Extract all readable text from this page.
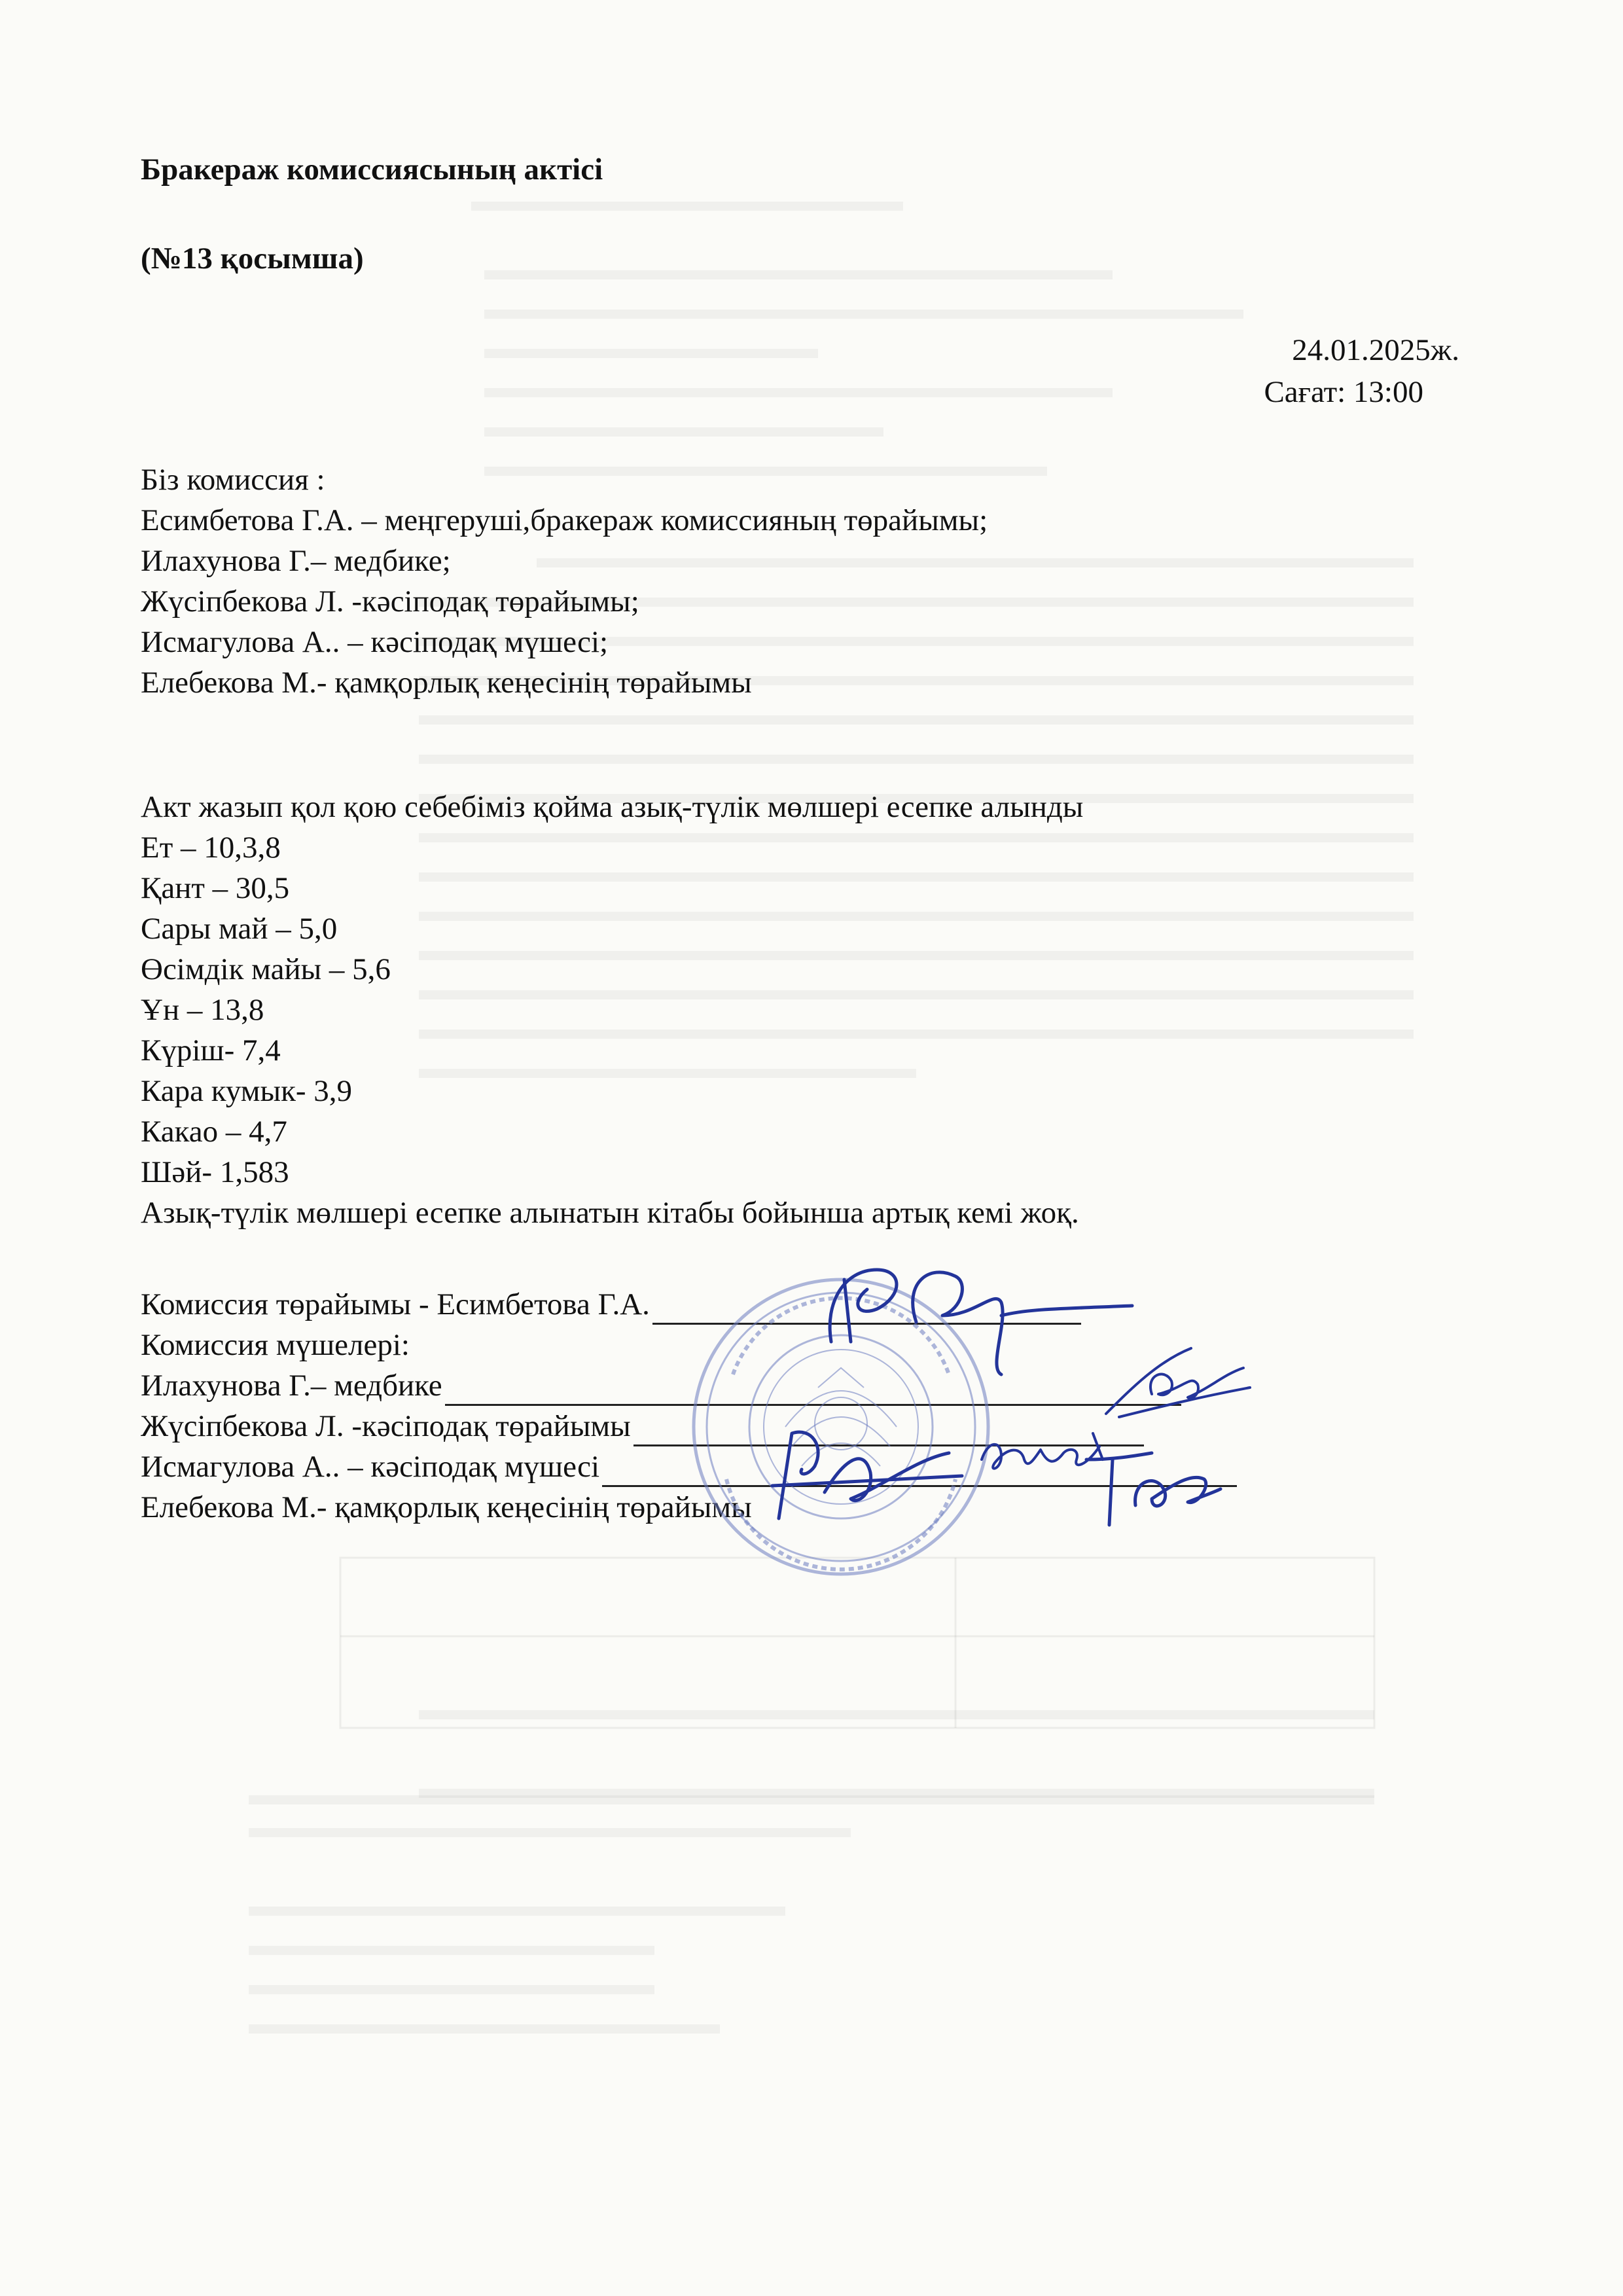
Бракераж комиссиясының актісі
(№13 қосымша)
24.01.2025ж.
Сағат: 13:00
Біз комиссия :
Есимбетова Г.А. – меңгеруші,бракераж комиссияның төрайымы;
Илахунова Г.– медбике;
Жүсіпбекова Л. -кәсіподақ төрайымы;
Исмагулова А.. – кәсіподақ мүшесі;
Елебекова М.- қамқорлық кеңесінің төрайымы
Акт жазып қол қою себебіміз қойма азық-түлік мөлшері есепке алынды
Ет – 10,3,8
Қант – 30,5
Сары май – 5,0
Өсімдік майы – 5,6
Ұн – 13,8
Күріш- 7,4
Кара кумык- 3,9
Какао – 4,7
Шәй- 1,583
Азық-түлік мөлшері есепке алынатын кітабы бойынша артық кемі жоқ.
Комиссия төрайымы - Есимбетова Г.А.
Комиссия мүшелері:
Илахунова Г.– медбике
Жүсіпбекова Л. -кәсіподақ төрайымы
Исмагулова А.. – кәсіподақ мүшесі
Елебекова М.- қамқорлық кеңесінің төрайымы
